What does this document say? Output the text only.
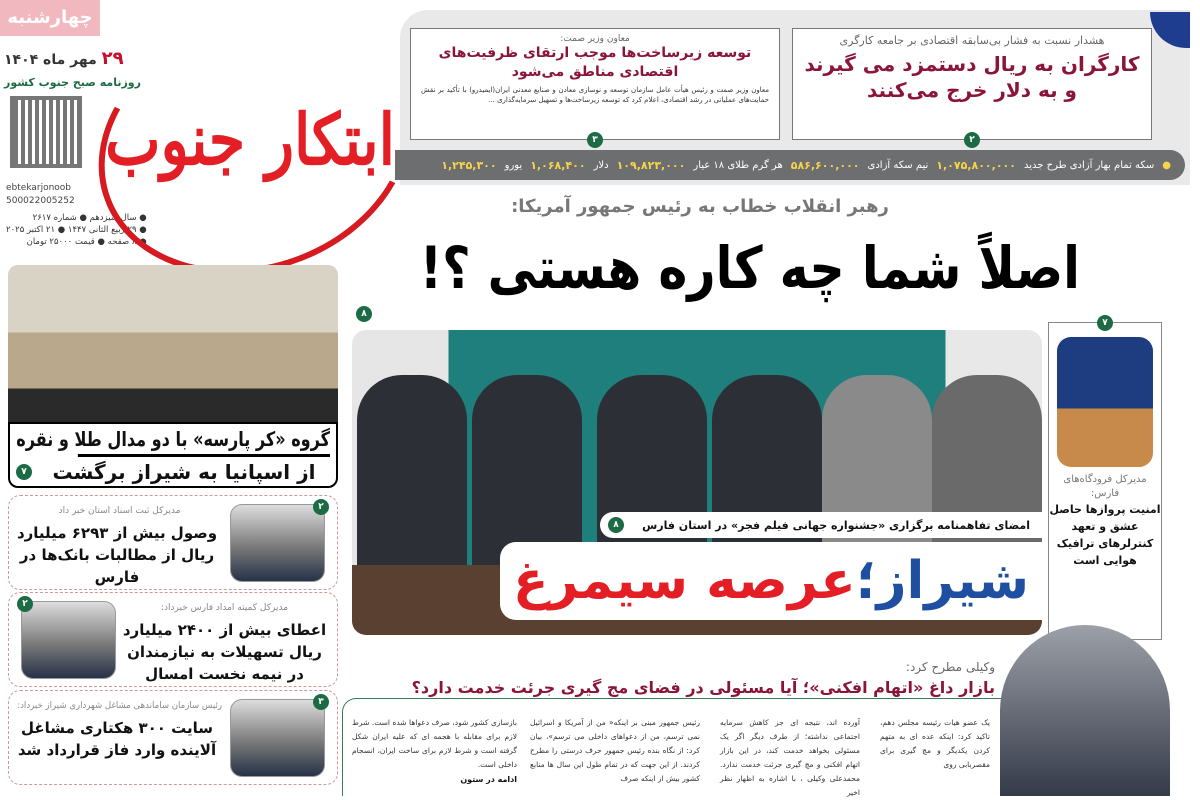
چهارشنبه
۲۹ مهر ماه ۱۴۰۴
روزنامه صبح جنوب کشور
ebtekarjonoob
500022005252
● سال سیزدهم ● شماره ۲۶۱۷
● ۲۹ ربیع الثانی ۱۴۴۷ ● ۲۱ اکتبر ۲۰۲۵
● ۸ صفحه ● قیمت ۲۵۰۰۰ تومان
ابتکار جنوب
هشدار نسبت به فشار بی‌سابقه اقتصادی بر جامعه کارگری
کارگران به ریال دستمزد می گیرند و به دلار خرج می‌کنند
۲
معاون وزیر صمت:
توسعه زیرساخت‌ها موجب ارتقای ظرفیت‌های اقتصادی مناطق می‌شود
معاون وزیر صمت و رئیس هیأت عامل سازمان توسعه و نوسازی معادن و صنایع معدنی ایران(ایمیدرو) با تأکید بر نقش حمایت‌های عملیاتی در رشد اقتصادی، اعلام کرد که توسعه زیرساخت‌ها و تسهیل سرمایه‌گذاری ...
۳
●
سکه تمام بهار آزادی طرح جدید
۱,۰۷۵,۸۰۰,۰۰۰
نیم سکه آزادی
۵۸۶,۶۰۰,۰۰۰
هر گرم طلای ۱۸ عیار
۱۰۹,۸۲۳,۰۰۰
دلار
۱,۰۶۸,۴۰۰
یورو
۱,۲۴۵,۳۰۰
رهبر انقلاب خطاب به رئیس جمهور آمریکا:
اصلاً شما چه کاره هستی ؟!
گروه «کر پارسه» با دو مدال طلا و نقره
از اسپانیا به شیراز برگشت
۷
۲
مدیرکل ثبت اسناد استان خبر داد
وصول بیش از ۶۲۹۳ میلیارد ریال از مطالبات بانک‌ها در فارس
۲	مدیرکل کمیته امداد فارس خبرداد:
اعطای بیش از ۲۴۰۰ میلیارد ریال تسهیلات به نیازمندان در نیمه نخست امسال
۳
رئیس سازمان ساماندهی مشاغل شهرداری شیراز خبرداد:
سایت ۳۰۰ هکتاری مشاغل آلاینده وارد فاز قرارداد شد
۸
امضای تفاهمنامه برگزاری «جشنواره جهانی فیلم فجر» در استان فارس
۸
شیراز؛عرصه سیمرغ
۷
مدیرکل فرودگاه‌های فارس:
امنیت پروازها حاصل عشق و تعهد کنترلرهای ترافیک هوایی است
وکیلی مطرح کرد:
بازار داغ «اتهام افکنی»؛ آیا مسئولی در فضای مج گیری جرئت خدمت دارد؟
یک عضو هیات رئیسه مجلس دهم، تاکید کرد: اینکه عده ای به متهم کردن یکدیگر و مچ گیری برای مقصربابی روی
آورده اند، نتیجه ای جز کاهش سرمایه اجتماعی نداشته؛ از طرف دیگر اگر یک مسئولی بخواهد خدمت کند، در این بازار اتهام افکنی و مچ گیری جرئت خدمت ندارد. محمدعلی وکیلی ، با اشاره به اظهار نظر اخیر
رئیس جمهور مبنی بر اینکه« من از آمریکا و اسرائیل نمی ترسم، من از دعواهای داخلی می ترسم»، بیان کرد: از نگاه بنده رئیس جمهور حرف درستی را مطرح کردند. از این جهت که در تمام طول این سال ها منابع کشور بیش از اینکه صرف
بازسازی کشور شود، صرف دعواها شده است. شرط لازم برای مقابله با هجمه ای که علیه ایران شکل گرفته است و شرط لازم برای ساخت ایران، انسجام داخلی است.
ادامه در ستون
